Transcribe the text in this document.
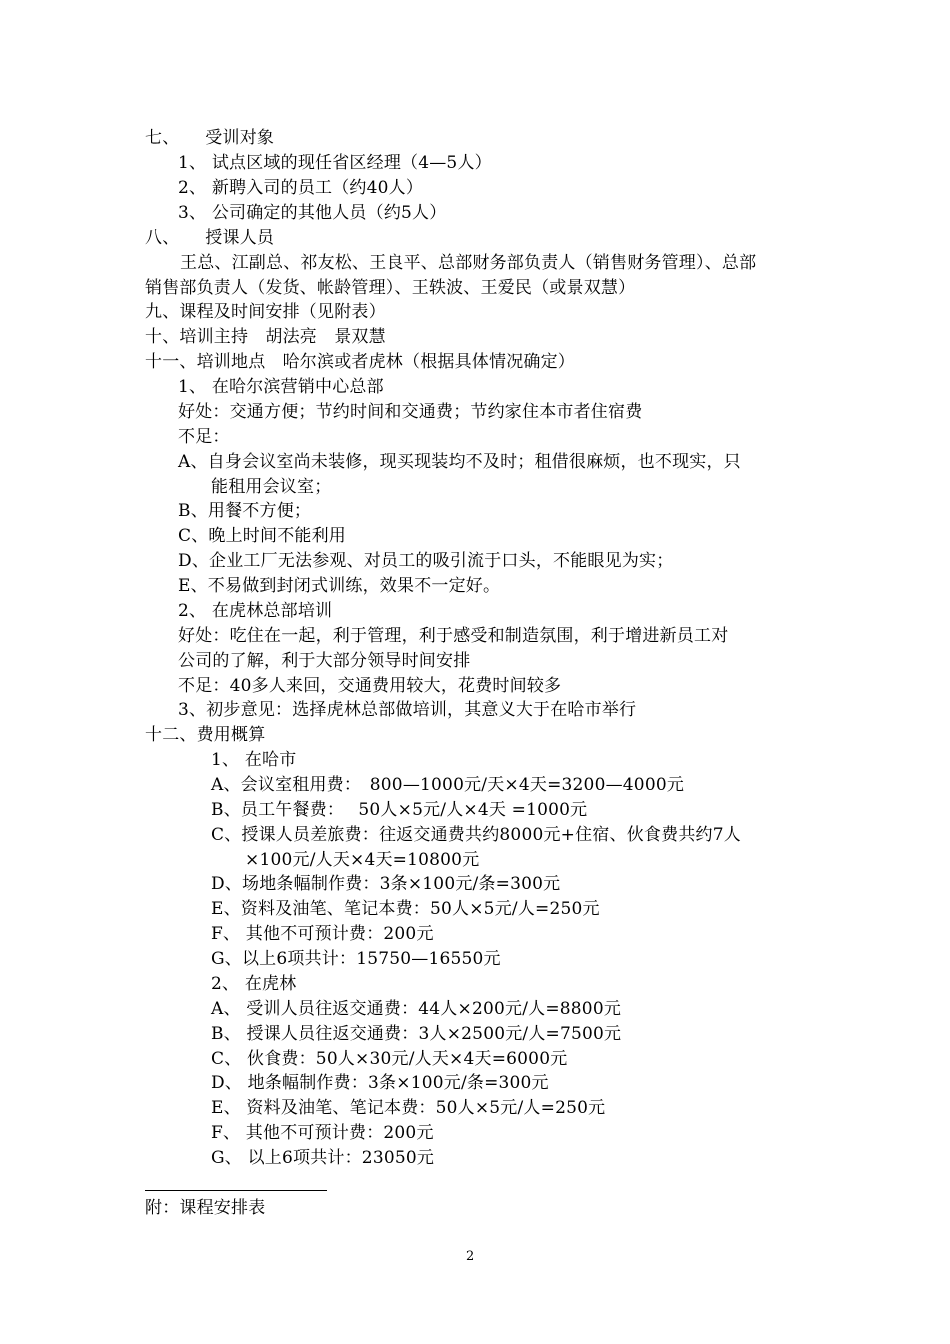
七、　　受训对象
1、 试点区域的现任省区经理（4—5人）
2、 新聘入司的员工（约40人）
3、 公司确定的其他人员（约5人）
八、　　授课人员
王总、江副总、祁友松、王良平、总部财务部负责人（销售财务管理）、总部
销售部负责人（发货、帐龄管理）、王轶波、王爱民（或景双慧）
九、课程及时间安排（见附表）
十、培训主持　胡法亮　景双慧
十一、培训地点　哈尔滨或者虎林（根据具体情况确定）
1、 在哈尔滨营销中心总部
好处：交通方便；节约时间和交通费；节约家住本市者住宿费
不足：
A、自身会议室尚未装修，现买现装均不及时；租借很麻烦，也不现实，只
能租用会议室；
B、用餐不方便；
C、晚上时间不能利用
D、企业工厂无法参观、对员工的吸引流于口头，不能眼见为实；
E、不易做到封闭式训练，效果不一定好。
2、 在虎林总部培训
好处：吃住在一起，利于管理，利于感受和制造氛围，利于增进新员工对
公司的了解，利于大部分领导时间安排
不足：40多人来回，交通费用较大，花费时间较多
3、初步意见：选择虎林总部做培训，其意义大于在哈市举行
十二、费用概算
1、 在哈市
A、会议室租用费：　800—1000元/天×4天=3200—4000元
B、员工午餐费：　 50人×5元/人×4天 =1000元
C、授课人员差旅费：往返交通费共约8000元+住宿、伙食费共约7人
×100元/人天×4天=10800元
D、场地条幅制作费：3条×100元/条=300元
E、资料及油笔、笔记本费：50人×5元/人=250元
F、 其他不可预计费：200元
G、以上6项共计：15750—16550元
2、 在虎林
A、 受训人员往返交通费：44人×200元/人=8800元
B、 授课人员往返交通费：3人×2500元/人=7500元
C、 伙食费：50人×30元/人天×4天=6000元
D、 地条幅制作费：3条×100元/条=300元
E、 资料及油笔、笔记本费：50人×5元/人=250元
F、 其他不可预计费：200元
G、 以上6项共计：23050元
附：课程安排表
2
